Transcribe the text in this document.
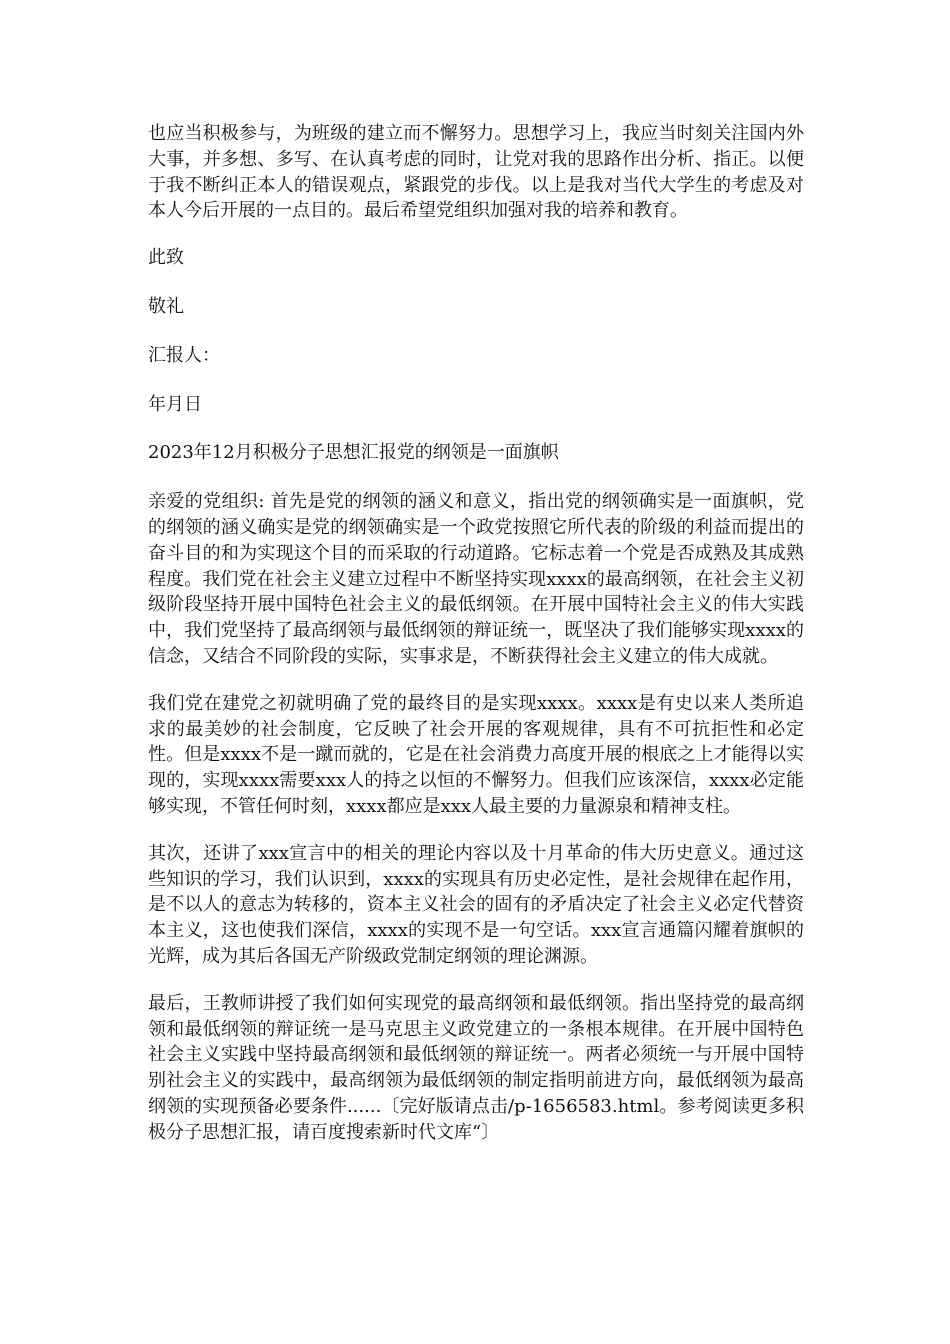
也应当积极参与，为班级的建立而不懈努力。思想学习上，我应当时刻关注国内外大事，并多想、多写、在认真考虑的同时，让党对我的思路作出分析、指正。以便于我不断纠正本人的错误观点，紧跟党的步伐。以上是我对当代大学生的考虑及对本人今后开展的一点目的。最后希望党组织加强对我的培养和教育。

此致

敬礼

汇报人：

年月日

2023年12月积极分子思想汇报党的纲领是一面旗帜

亲爱的党组织: 首先是党的纲领的涵义和意义，指出党的纲领确实是一面旗帜，党的纲领的涵义确实是党的纲领确实是一个政党按照它所代表的阶级的利益而提出的奋斗目的和为实现这个目的而采取的行动道路。它标志着一个党是否成熟及其成熟程度。我们党在社会主义建立过程中不断坚持实现xxxx的最高纲领，在社会主义初级阶段坚持开展中国特色社会主义的最低纲领。在开展中国特社会主义的伟大实践中，我们党坚持了最高纲领与最低纲领的辩证统一，既坚决了我们能够实现xxxx的信念，又结合不同阶段的实际，实事求是，不断获得社会主义建立的伟大成就。

我们党在建党之初就明确了党的最终目的是实现xxxx。xxxx是有史以来人类所追求的最美妙的社会制度，它反映了社会开展的客观规律，具有不可抗拒性和必定性。但是xxxx不是一蹴而就的，它是在社会消费力高度开展的根底之上才能得以实现的，实现xxxx需要xxx人的持之以恒的不懈努力。但我们应该深信，xxxx必定能够实现，不管任何时刻，xxxx都应是xxx人最主要的力量源泉和精神支柱。

其次，还讲了xxx宣言中的相关的理论内容以及十月革命的伟大历史意义。通过这些知识的学习，我们认识到，xxxx的实现具有历史必定性，是社会规律在起作用，是不以人的意志为转移的，资本主义社会的固有的矛盾决定了社会主义必定代替资本主义，这也使我们深信，xxxx的实现不是一句空话。xxx宣言通篇闪耀着旗帜的光辉，成为其后各国无产阶级政党制定纲领的理论渊源。

最后，王教师讲授了我们如何实现党的最高纲领和最低纲领。指出坚持党的最高纲领和最低纲领的辩证统一是马克思主义政党建立的一条根本规律。在开展中国特色社会主义实践中坚持最高纲领和最低纲领的辩证统一。两者必须统一与开展中国特别社会主义的实践中，最高纲领为最低纲领的制定指明前进方向，最低纲领为最高纲领的实现预备必要条件......〔完好版请点击/p-1656583.html。参考阅读更多积极分子思想汇报，请百度搜索新时代文库“〕
